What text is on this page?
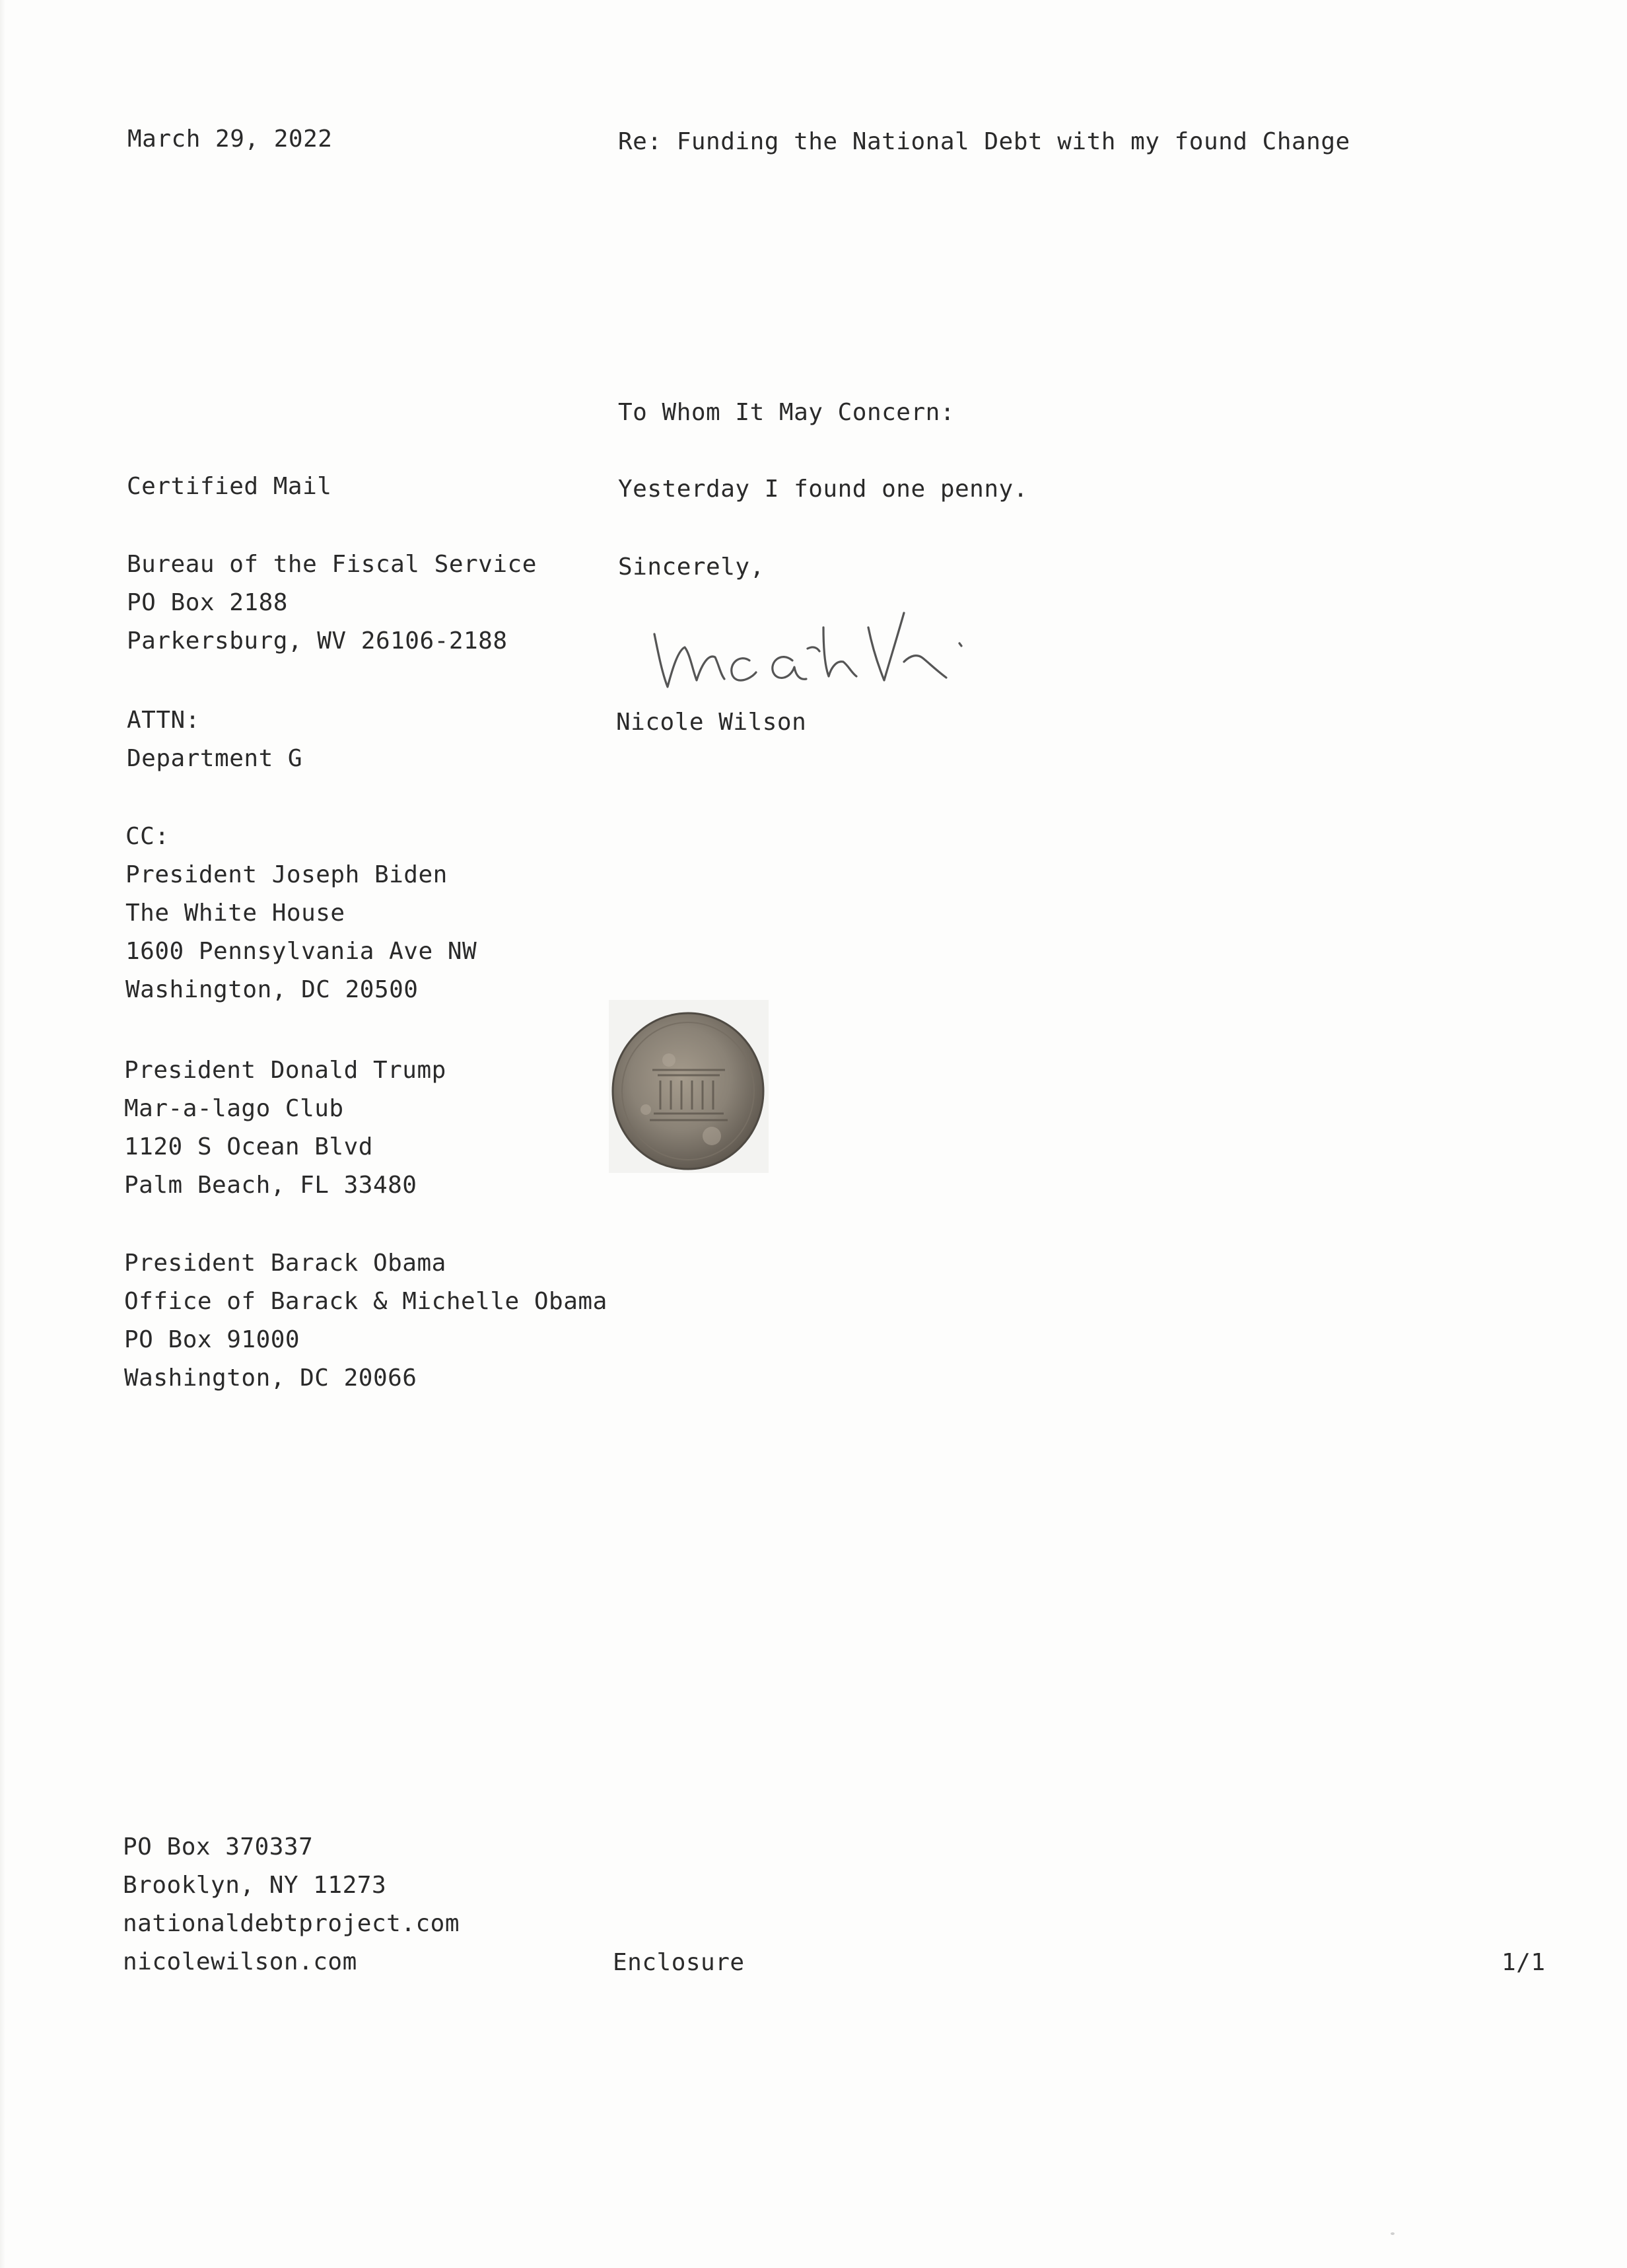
March 29, 2022	Re: Funding the National Debt with my found Change
To Whom It May Concern:
Yesterday I found one penny.
Sincerely,
Nicole Wilson
Certified Mail
Bureau of the Fiscal Service
PO Box 2188
Parkersburg, WV 26106-2188
ATTN:
Department G
CC:
President Joseph Biden
The White House
1600 Pennsylvania Ave NW
Washington, DC 20500
President Donald Trump
Mar-a-lago Club
1120 S Ocean Blvd
Palm Beach, FL 33480
President Barack Obama
Office of Barack & Michelle Obama
PO Box 91000
Washington, DC 20066
PO Box 370337
Brooklyn, NY 11273
nationaldebtproject.com
nicolewilson.com	Enclosure	1/1
